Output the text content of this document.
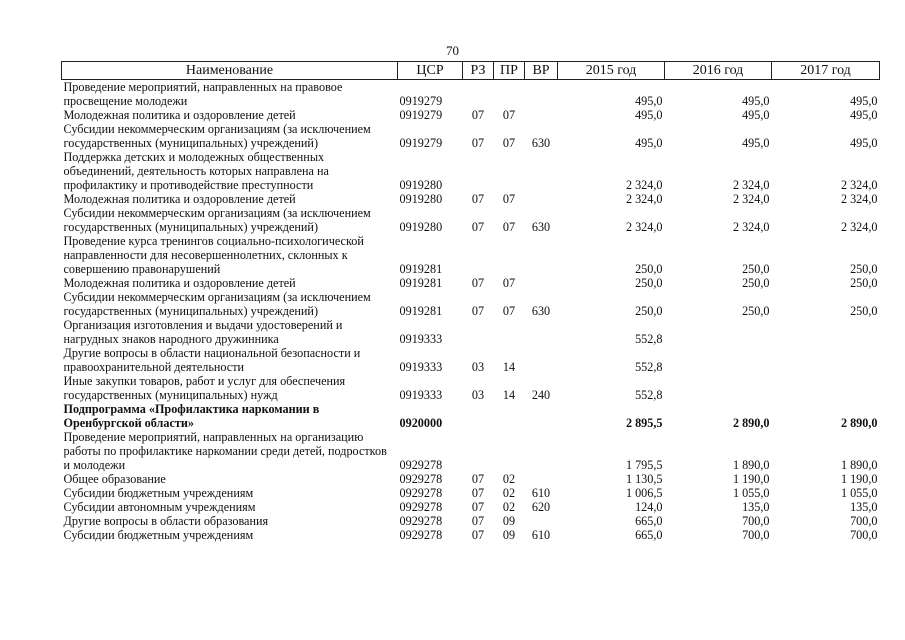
70
Наименование	ЦСР	РЗ	ПР	ВР	2015 год	2016 год	2017 год
Проведение мероприятий, направленных на правовое просвещение молодежи	0919279				495,0	495,0	495,0
Молодежная политика и оздоровление детей	0919279	07	07		495,0	495,0	495,0
Субсидии некоммерческим организациям (за исключением государственных (муниципальных) учреждений)	0919279	07	07	630	495,0	495,0	495,0
Поддержка детских и молодежных общественных объединений, деятельность которых направлена на профилактику и противодействие преступности	0919280				2 324,0	2 324,0	2 324,0
Молодежная политика и оздоровление детей	0919280	07	07		2 324,0	2 324,0	2 324,0
Субсидии некоммерческим организациям (за исключением государственных (муниципальных) учреждений)	0919280	07	07	630	2 324,0	2 324,0	2 324,0
Проведение курса тренингов социально-психологической направленности для несовершеннолетних, склонных к совершению правонарушений	0919281				250,0	250,0	250,0
Молодежная политика и оздоровление детей	0919281	07	07		250,0	250,0	250,0
Субсидии некоммерческим организациям (за исключением государственных (муниципальных) учреждений)	0919281	07	07	630	250,0	250,0	250,0
Организация изготовления и выдачи удостоверений и нагрудных знаков народного дружинника	0919333				552,8		
Другие вопросы в области национальной безопасности и правоохранительной деятельности	0919333	03	14		552,8		
Иные закупки товаров, работ и услуг для обеспечения государственных (муниципальных) нужд	0919333	03	14	240	552,8		
Подпрограмма «Профилактика наркомании в Оренбургской области»	0920000				2 895,5	2 890,0	2 890,0
Проведение мероприятий, направленных на организацию работы по профилактике наркомании среди детей, подростков и молодежи	0929278				1 795,5	1 890,0	1 890,0
Общее образование	0929278	07	02		1 130,5	1 190,0	1 190,0
Субсидии бюджетным учреждениям	0929278	07	02	610	1 006,5	1 055,0	1 055,0
Субсидии автономным учреждениям	0929278	07	02	620	124,0	135,0	135,0
Другие вопросы в области образования	0929278	07	09		665,0	700,0	700,0
Субсидии бюджетным учреждениям	0929278	07	09	610	665,0	700,0	700,0
